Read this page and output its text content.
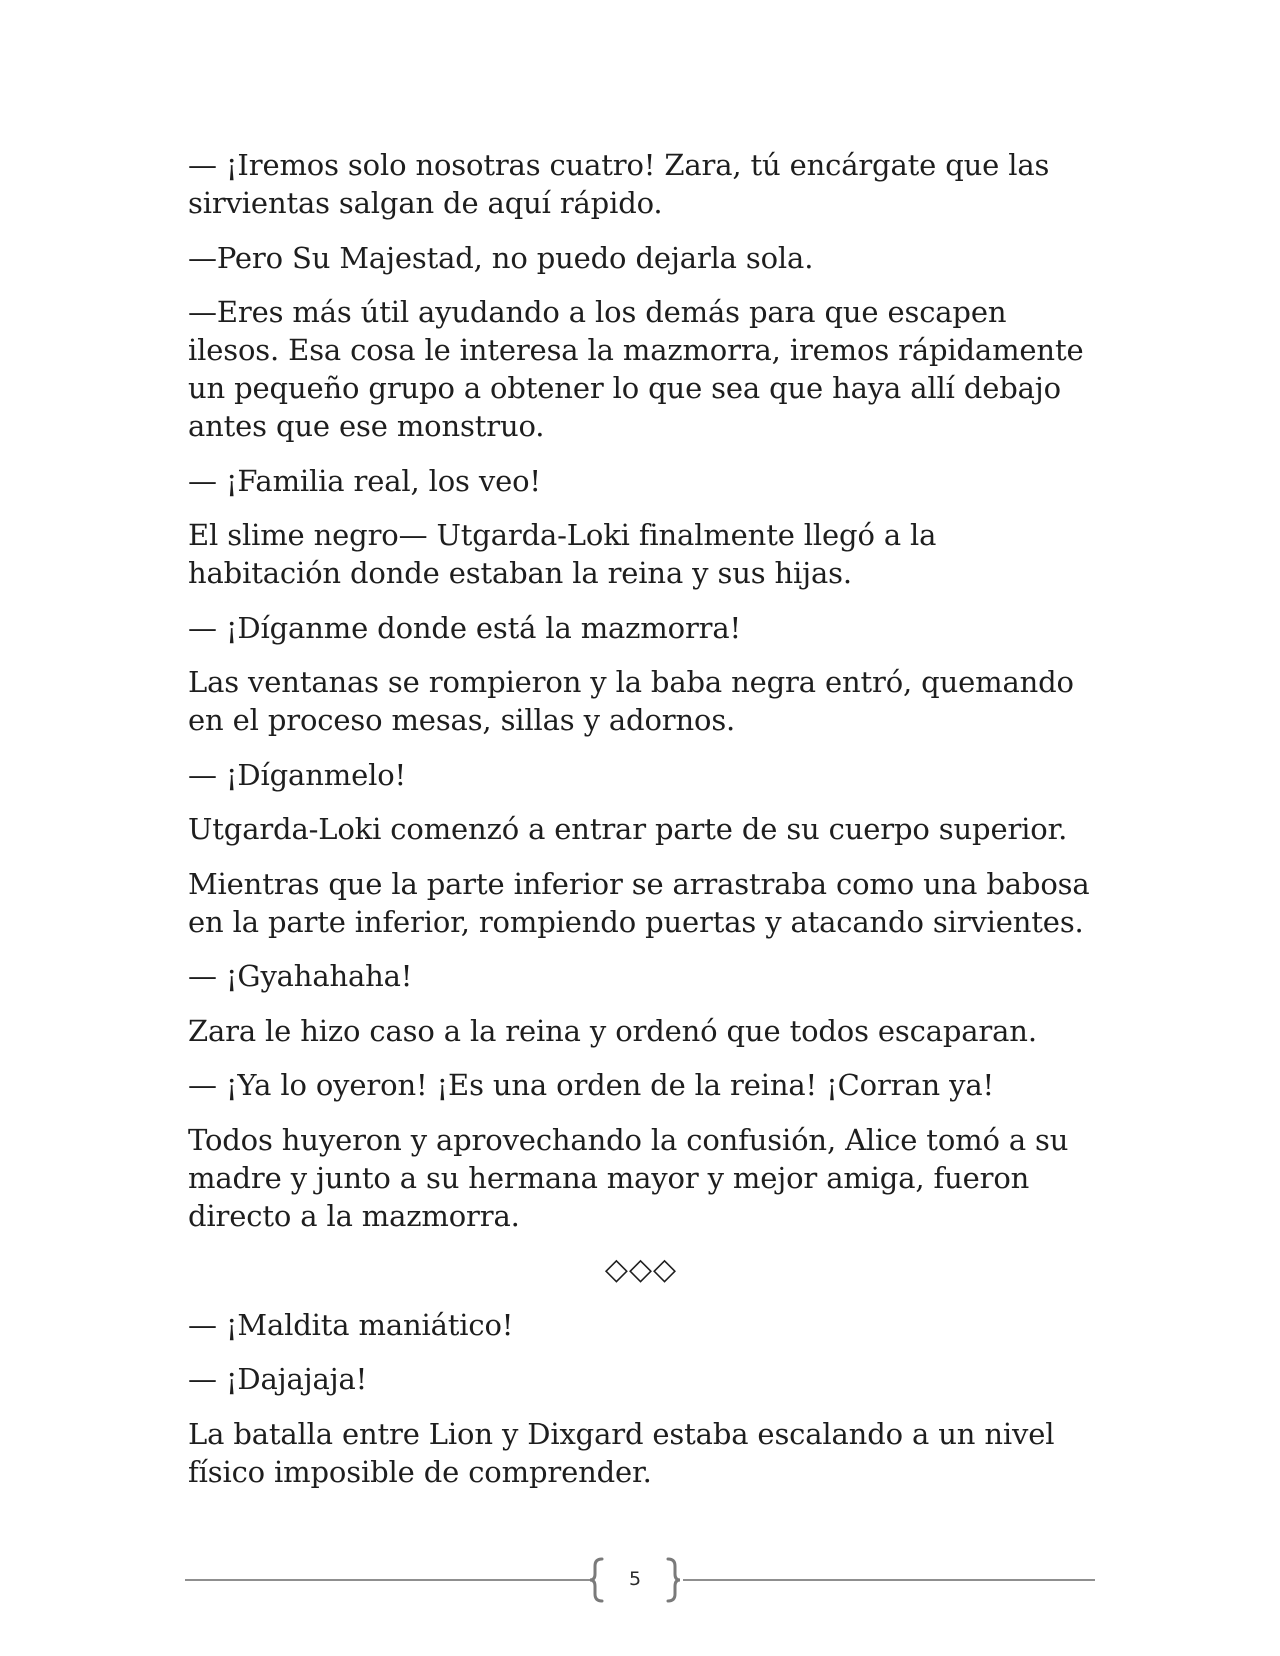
— ¡Iremos solo nosotras cuatro! Zara, tú encárgate que las
sirvientas salgan de aquí rápido.

—Pero Su Majestad, no puedo dejarla sola.

—Eres más útil ayudando a los demás para que escapen
ilesos. Esa cosa le interesa la mazmorra, iremos rápidamente
un pequeño grupo a obtener lo que sea que haya allí debajo
antes que ese monstruo.

— ¡Familia real, los veo!

El slime negro— Utgarda-Loki finalmente llegó a la
habitación donde estaban la reina y sus hijas.

— ¡Díganme donde está la mazmorra!

Las ventanas se rompieron y la baba negra entró, quemando
en el proceso mesas, sillas y adornos.

— ¡Díganmelo!

Utgarda-Loki comenzó a entrar parte de su cuerpo superior.

Mientras que la parte inferior se arrastraba como una babosa
en la parte inferior, rompiendo puertas y atacando sirvientes.

— ¡Gyahahaha!

Zara le hizo caso a la reina y ordenó que todos escaparan.

— ¡Ya lo oyeron! ¡Es una orden de la reina! ¡Corran ya!

Todos huyeron y aprovechando la confusión, Alice tomó a su
madre y junto a su hermana mayor y mejor amiga, fueron
directo a la mazmorra.

◇◇◇

— ¡Maldita maniático!

— ¡Dajajaja!

La batalla entre Lion y Dixgard estaba escalando a un nivel
físico imposible de comprender.

5
